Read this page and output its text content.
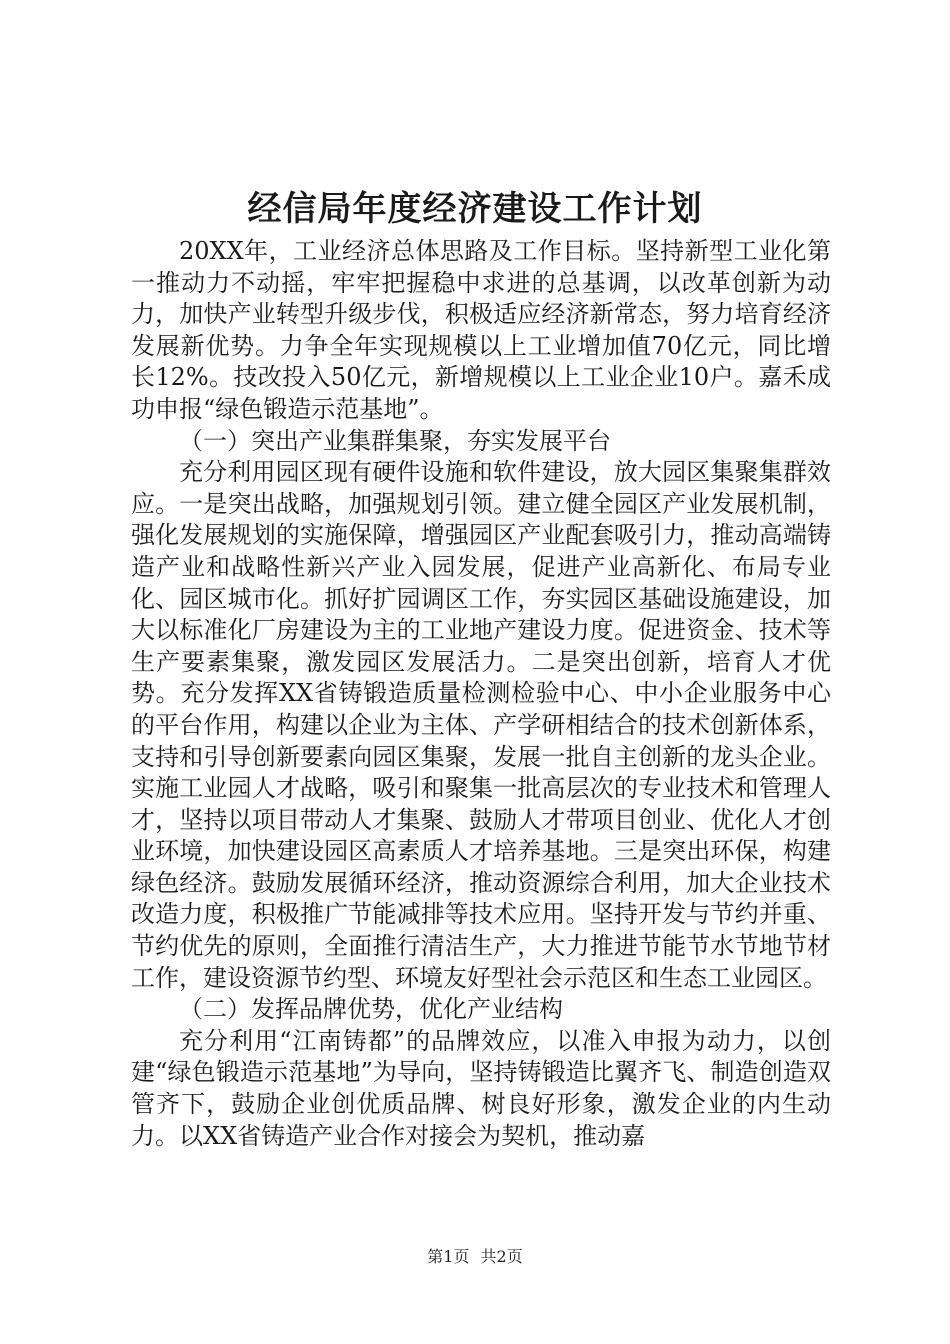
经信局年度经济建设工作计划

20XX年，工业经济总体思路及工作目标。坚持新型工业化第一推动力不动摇，牢牢把握稳中求进的总基调，以改革创新为动力，加快产业转型升级步伐，积极适应经济新常态，努力培育经济发展新优势。力争全年实现规模以上工业增加值70亿元，同比增长12%。技改投入50亿元，新增规模以上工业企业10户。嘉禾成功申报“绿色锻造示范基地”。

（一）突出产业集群集聚，夯实发展平台

充分利用园区现有硬件设施和软件建设，放大园区集聚集群效应。一是突出战略，加强规划引领。建立健全园区产业发展机制，强化发展规划的实施保障，增强园区产业配套吸引力，推动高端铸造产业和战略性新兴产业入园发展，促进产业高新化、布局专业化、园区城市化。抓好扩园调区工作，夯实园区基础设施建设，加大以标准化厂房建设为主的工业地产建设力度。促进资金、技术等生产要素集聚，激发园区发展活力。二是突出创新，培育人才优势。充分发挥XX省铸锻造质量检测检验中心、中小企业服务中心的平台作用，构建以企业为主体、产学研相结合的技术创新体系，支持和引导创新要素向园区集聚，发展一批自主创新的龙头企业。实施工业园人才战略，吸引和聚集一批高层次的专业技术和管理人才，坚持以项目带动人才集聚、鼓励人才带项目创业、优化人才创业环境，加快建设园区高素质人才培养基地。三是突出环保，构建绿色经济。鼓励发展循环经济，推动资源综合利用，加大企业技术改造力度，积极推广节能减排等技术应用。坚持开发与节约并重、节约优先的原则，全面推行清洁生产，大力推进节能节水节地节材工作，建设资源节约型、环境友好型社会示范区和生态工业园区。

（二）发挥品牌优势，优化产业结构

充分利用“江南铸都”的品牌效应，以准入申报为动力，以创建“绿色锻造示范基地”为导向，坚持铸锻造比翼齐飞、制造创造双管齐下，鼓励企业创优质品牌、树良好形象，激发企业的内生动力。以XX省铸造产业合作对接会为契机，推动嘉

第1页 共2页
